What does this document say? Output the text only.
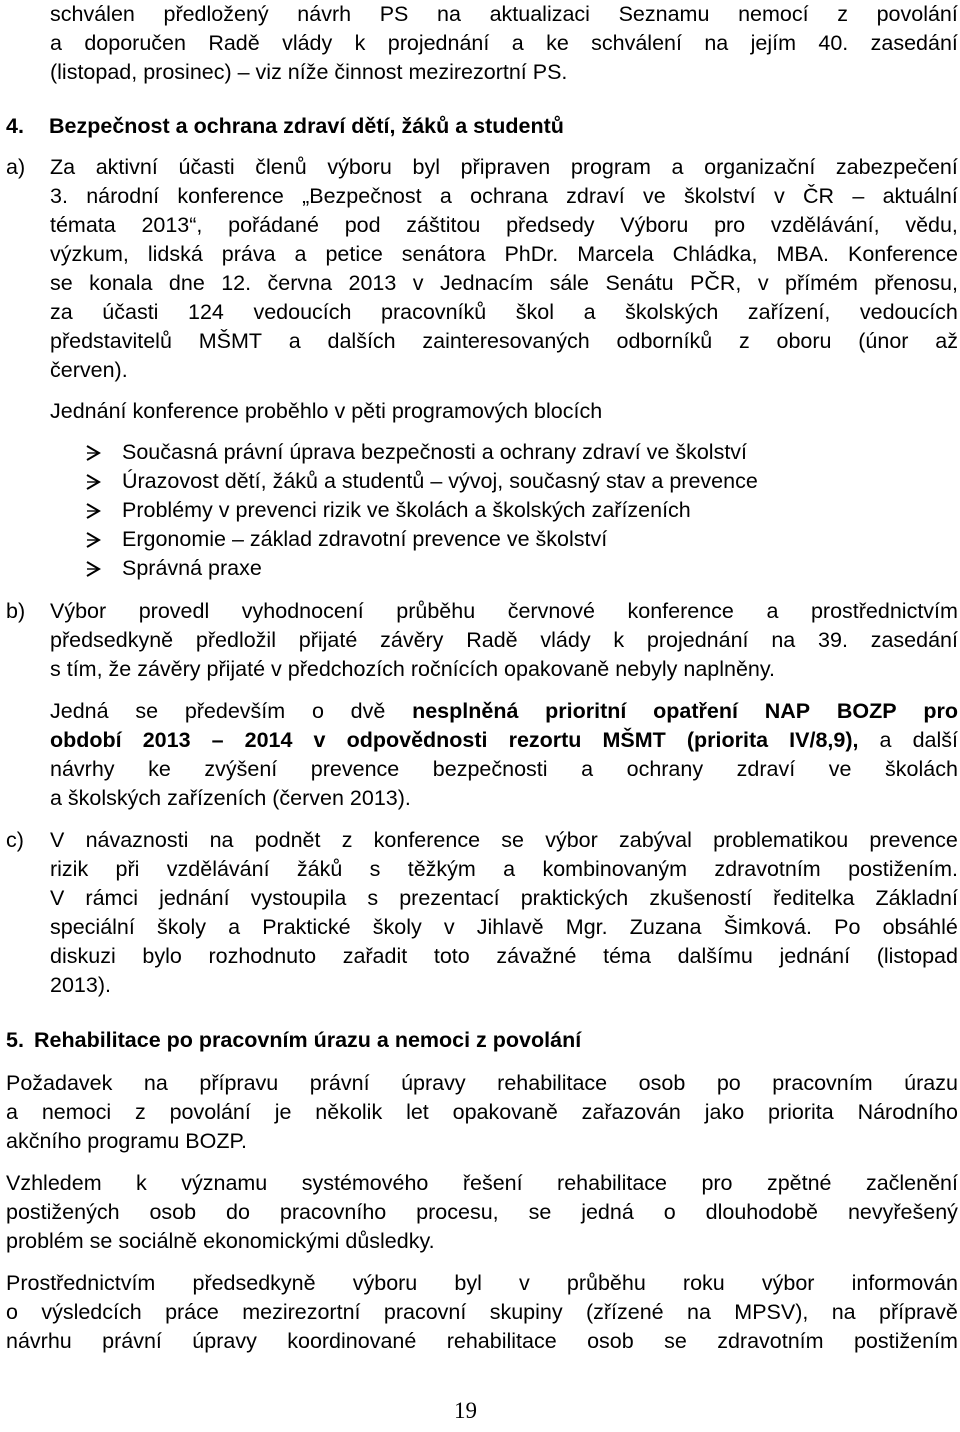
schválen předložený návrh PS na aktualizaci Seznamu nemocí z povolání
a doporučen Radě vlády k projednání a ke schválení na jejím 40. zasedání
(listopad, prosinec) – viz níže činnost mezirezortní PS.
4. Bezpečnost a ochrana zdraví dětí, žáků a studentů
a) Za aktivní účasti členů výboru byl připraven program a organizační zabezpečení
3. národní konference „Bezpečnost a ochrana zdraví ve školství v ČR – aktuální
témata 2013“, pořádané pod záštitou předsedy Výboru pro vzdělávání, vědu,
výzkum, lidská práva a petice senátora PhDr. Marcela Chládka, MBA. Konference
se konala dne 12. června 2013 v Jednacím sále Senátu PČR, v přímém přenosu,
za účasti 124 vedoucích pracovníků škol a školských zařízení, vedoucích
představitelů MŠMT a dalších zainteresovaných odborníků z oboru (únor až
červen).
Jednání konference proběhlo v pěti programových blocích
Současná právní úprava bezpečnosti a ochrany zdraví ve školství
Úrazovost dětí, žáků a studentů – vývoj, současný stav a prevence
Problémy v prevenci rizik ve školách a školských zařízeních
Ergonomie – základ zdravotní prevence ve školství
Správná praxe
b) Výbor provedl vyhodnocení průběhu červnové konference a prostřednictvím
předsedkyně předložil přijaté závěry Radě vlády k projednání na 39. zasedání
s tím, že závěry přijaté v předchozích ročnících opakovaně nebyly naplněny.
Jedná se především o dvě nesplněná prioritní opatření NAP BOZP pro
období 2013 – 2014 v odpovědnosti rezortu MŠMT (priorita IV/8,9), a další
návrhy ke zvýšení prevence bezpečnosti a ochrany zdraví ve školách
a školských zařízeních (červen 2013).
c) V návaznosti na podnět z konference se výbor zabýval problematikou prevence
rizik při vzdělávání žáků s těžkým a kombinovaným zdravotním postižením.
V rámci jednání vystoupila s prezentací praktických zkušeností ředitelka Základní
speciální školy a Praktické školy v Jihlavě Mgr. Zuzana Šimková. Po obsáhlé
diskuzi bylo rozhodnuto zařadit toto závažné téma dalšímu jednání (listopad
2013).
5. Rehabilitace po pracovním úrazu a nemoci z povolání
Požadavek na přípravu právní úpravy rehabilitace osob po pracovním úrazu
a nemoci z povolání je několik let opakovaně zařazován jako priorita Národního
akčního programu BOZP.
Vzhledem k významu systémového řešení rehabilitace pro zpětné začlenění
postižených osob do pracovního procesu, se jedná o dlouhodobě nevyřešený
problém se sociálně ekonomickými důsledky.
Prostřednictvím předsedkyně výboru byl v průběhu roku výbor informován
o výsledcích práce mezirezortní pracovní skupiny (zřízené na MPSV), na přípravě
návrhu právní úpravy koordinované rehabilitace osob se zdravotním postižením
19
